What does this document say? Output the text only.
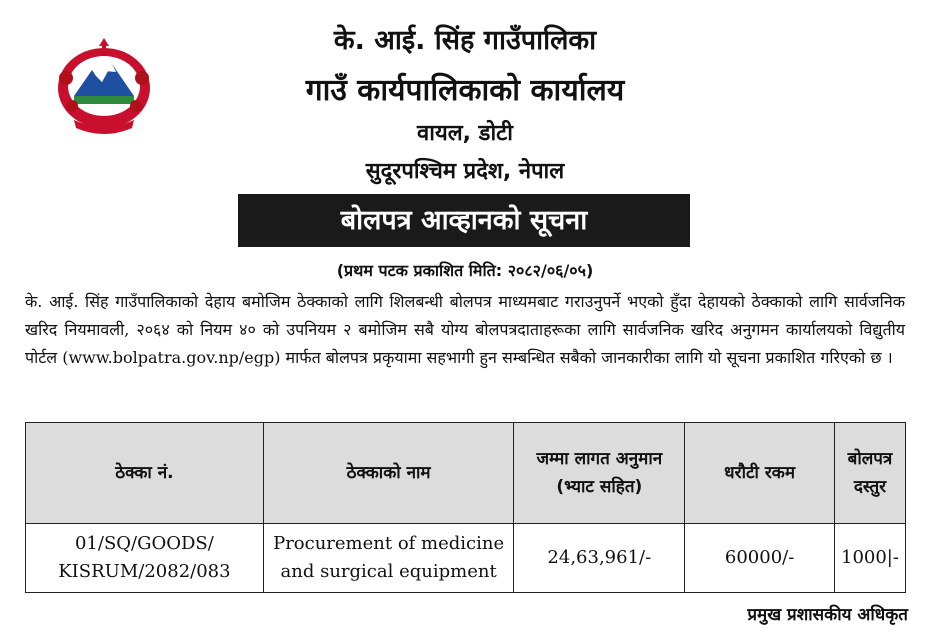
के. आई. सिंह गाउँपालिका
गाउँ कार्यपालिकाको कार्यालय
वायल, डोटी
सुदूरपश्चिम प्रदेश, नेपाल
बोलपत्र आव्हानको सूचना
(प्रथम पटक प्रकाशित मिति: २०८२/०६/०५)

के. आई. सिंह गाउँपालिकाको देहाय बमोजिम ठेक्काको लागि शिलबन्धी बोलपत्र माध्यमबाट गराउनुपर्ने भएको हुँदा देहायको ठेक्काको लागि सार्वजनिक खरिद नियमावली, २०६४ को नियम ४० को उपनियम २ बमोजिम सबै योग्य बोलपत्रदाताहरूका लागि सार्वजनिक खरिद अनुगमन कार्यालयको विद्युतीय पोर्टल (www.bolpatra.gov.np/egp) मार्फत बोलपत्र प्रकृयामा सहभागी हुन सम्बन्धित सबैको जानकारीका लागि यो सूचना प्रकाशित गरिएको छ ।

ठेक्का नं.	ठेक्काको नाम	जम्मा लागत अनुमान (भ्याट सहित)	धरौटी रकम	बोलपत्र दस्तुर
01/SQ/GOODS/ KISRUM/2082/083	Procurement of medicine and surgical equipment	24,63,961/-	60000/-	1000|-
प्रमुख प्रशासकीय अधिकृत
